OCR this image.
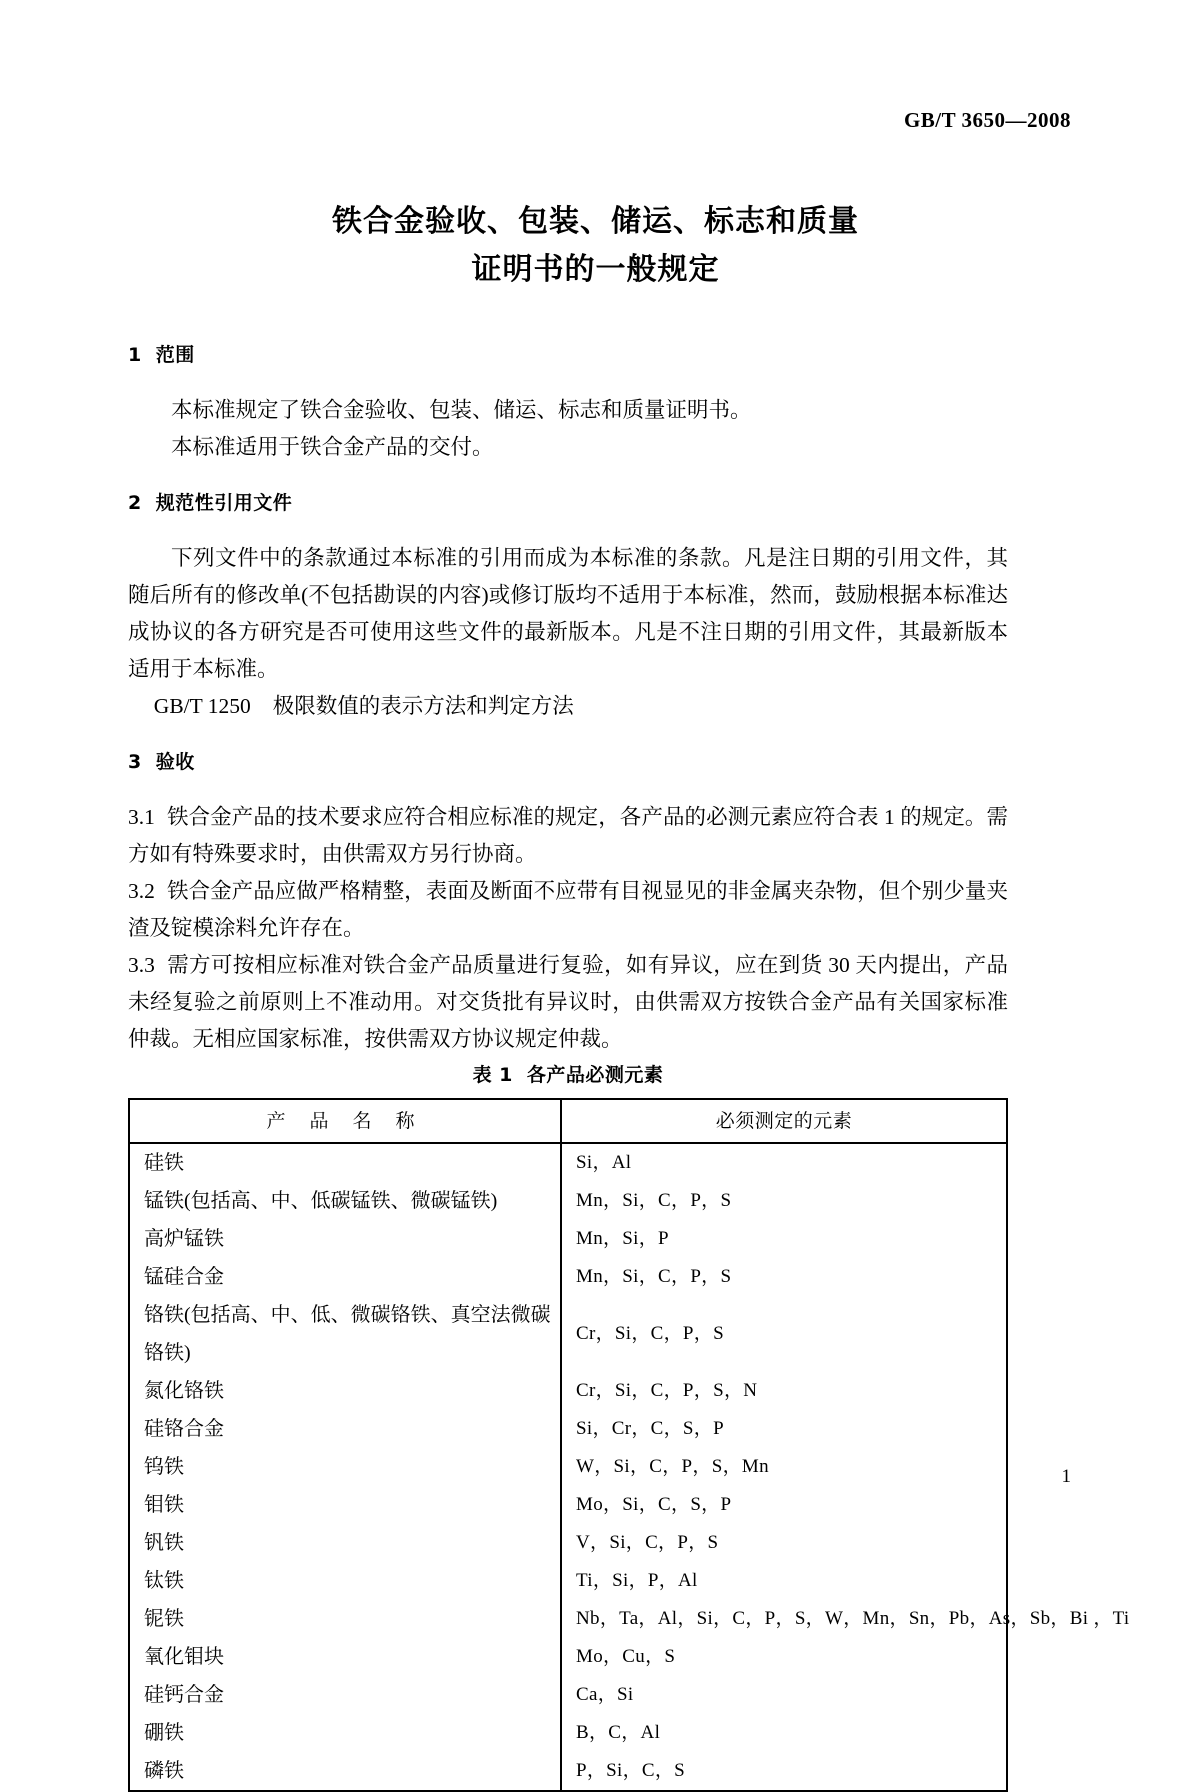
GB/T 3650—2008
铁合金验收、包装、储运、标志和质量
证明书的一般规定
1 范围

本标准规定了铁合金验收、包装、储运、标志和质量证明书。

本标准适用于铁合金产品的交付。

2 规范性引用文件

下列文件中的条款通过本标准的引用而成为本标准的条款。凡是注日期的引用文件，其随后所有的修改单(不包括勘误的内容)或修订版均不适用于本标准，然而，鼓励根据本标准达成协议的各方研究是否可使用这些文件的最新版本。凡是不注日期的引用文件，其最新版本适用于本标准。

GB/T 1250 极限数值的表示方法和判定方法

3 验收

3.1 铁合金产品的技术要求应符合相应标准的规定，各产品的必测元素应符合表 1 的规定。需方如有特殊要求时，由供需双方另行协商。

3.2 铁合金产品应做严格精整，表面及断面不应带有目视显见的非金属夹杂物，但个别少量夹渣及锭模涂料允许存在。

3.3 需方可按相应标准对铁合金产品质量进行复验，如有异议，应在到货 30 天内提出，产品未经复验之前原则上不准动用。对交货批有异议时，由供需双方按铁合金产品有关国家标准仲裁。无相应国家标准，按供需双方协议规定仲裁。

表 1 各产品必测元素

产 品 名 称	必须测定的元素
硅铁	Si，Al
锰铁(包括高、中、低碳锰铁、微碳锰铁)	Mn，Si，C，P，S
高炉锰铁	Mn，Si，P
锰硅合金	Mn，Si，C，P，S
铬铁(包括高、中、低、微碳铬铁、真空法微碳铬铁)	Cr，Si，C，P，S
氮化铬铁	Cr，Si，C，P，S，N
硅铬合金	Si，Cr，C，S，P
钨铁	W，Si，C，P，S，Mn
钼铁	Mo，Si，C，S，P
钒铁	V，Si，C，P，S
钛铁	Ti，Si，P，Al
铌铁	Nb，Ta，Al，Si，C，P，S，W，Mn，Sn，Pb，As，Sb，Bi ，Ti
氧化钼块	Mo，Cu，S
硅钙合金	Ca，Si
硼铁	B，C，Al
磷铁	P，Si，C，S
1
